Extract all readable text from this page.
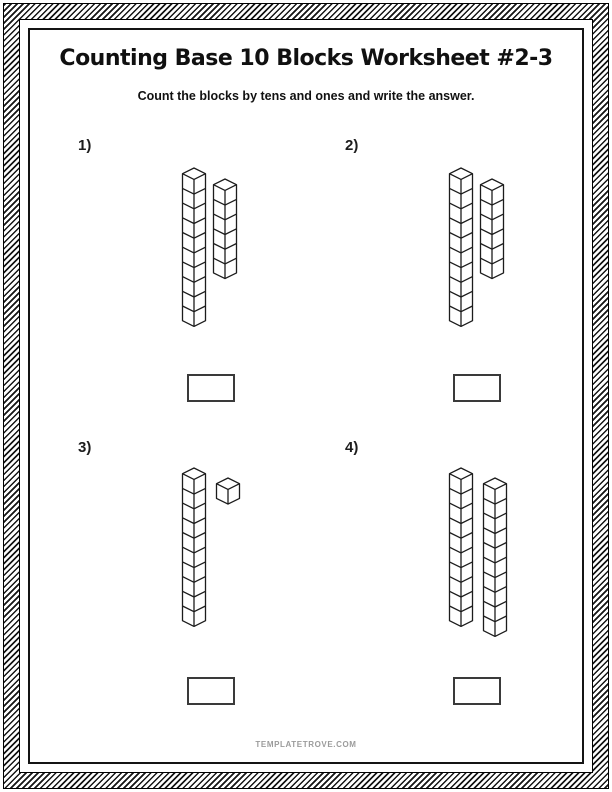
Counting Base 10 Blocks Worksheet #2-3
Count the blocks by tens and ones and write the answer.
1)	2)
3)	4)
TEMPLATETROVE.COM
